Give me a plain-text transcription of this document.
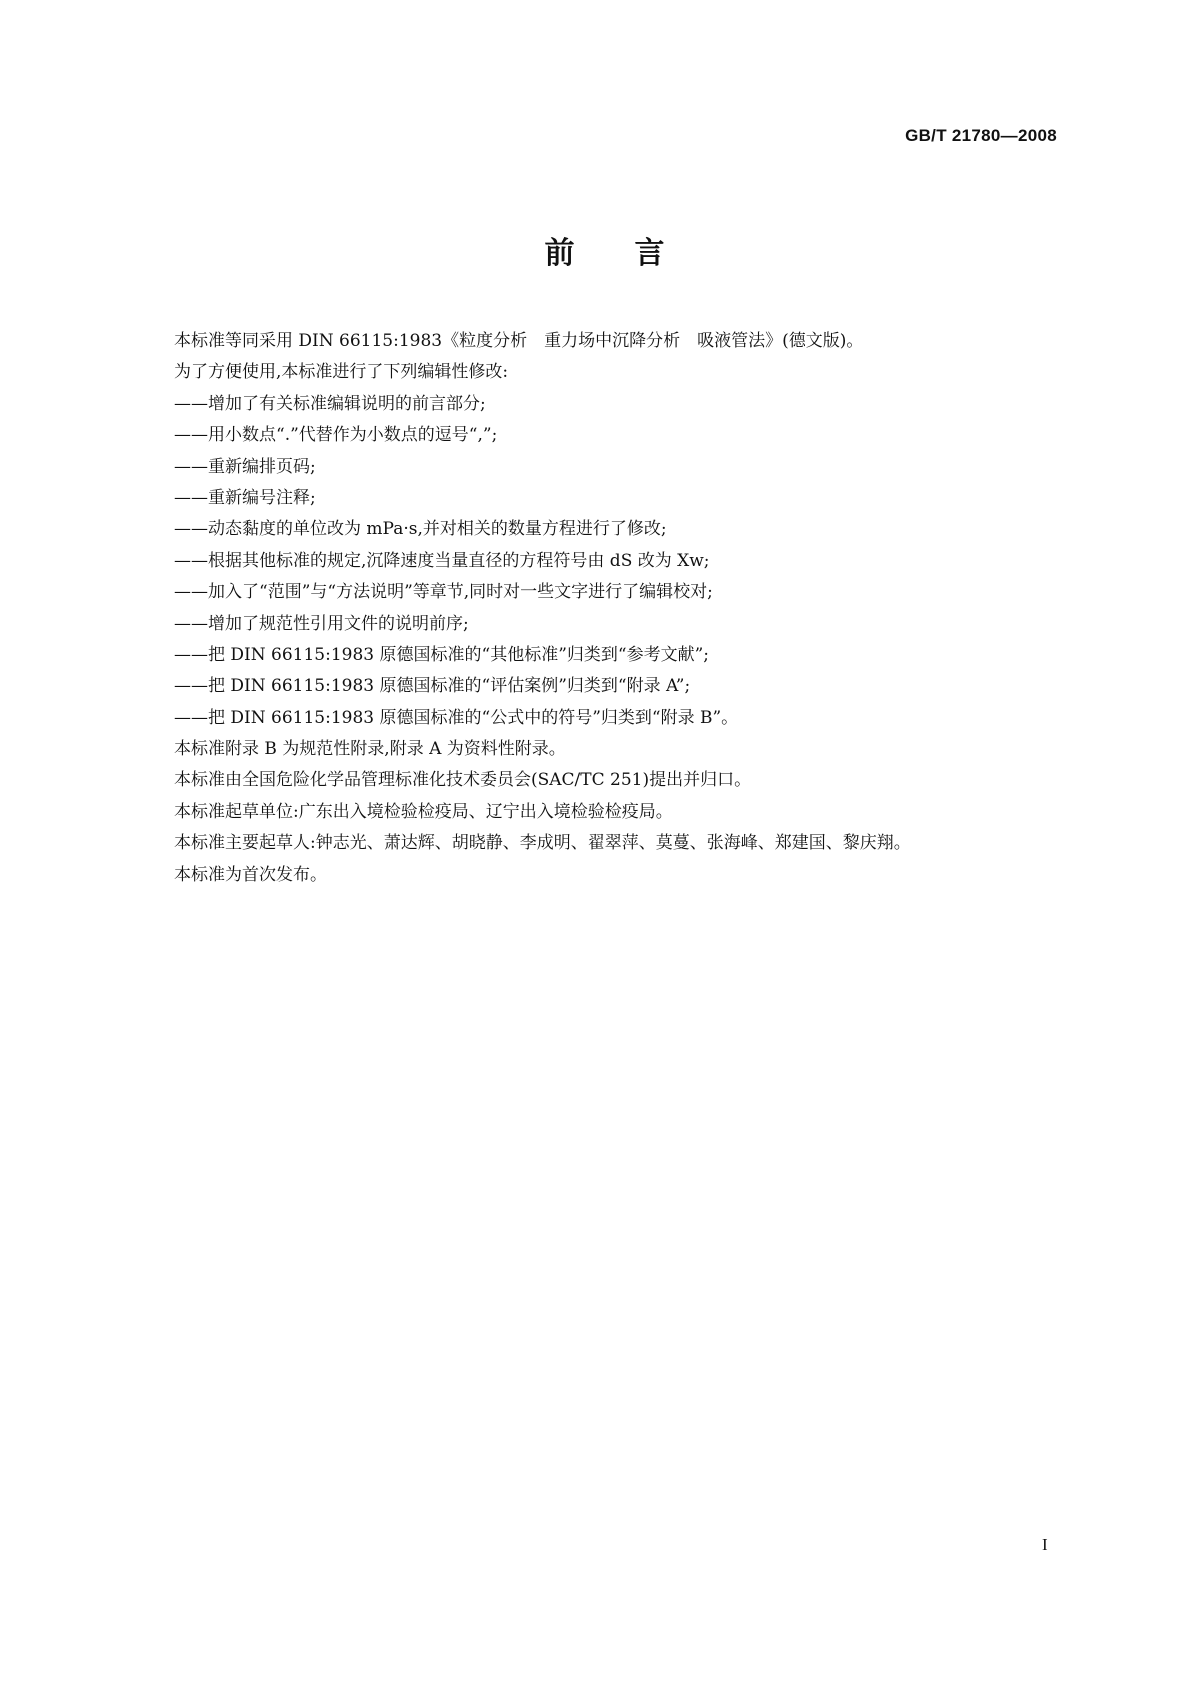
GB/T 21780—2008
前　　言
本标准等同采用 DIN 66115:1983《粒度分析　重力场中沉降分析　吸液管法》(德文版)。
为了方便使用,本标准进行了下列编辑性修改:
——增加了有关标准编辑说明的前言部分;
——用小数点“.”代替作为小数点的逗号“,”;
——重新编排页码;
——重新编号注释;
——动态黏度的单位改为 mPa·s,并对相关的数量方程进行了修改;
——根据其他标准的规定,沉降速度当量直径的方程符号由 dS 改为 Xw;
——加入了“范围”与“方法说明”等章节,同时对一些文字进行了编辑校对;
——增加了规范性引用文件的说明前序;
——把 DIN 66115:1983 原德国标准的“其他标准”归类到“参考文献”;
——把 DIN 66115:1983 原德国标准的“评估案例”归类到“附录 A”;
——把 DIN 66115:1983 原德国标准的“公式中的符号”归类到“附录 B”。
本标准附录 B 为规范性附录,附录 A 为资料性附录。
本标准由全国危险化学品管理标准化技术委员会(SAC/TC 251)提出并归口。
本标准起草单位:广东出入境检验检疫局、辽宁出入境检验检疫局。
本标准主要起草人:钟志光、萧达辉、胡晓静、李成明、翟翠萍、莫蔓、张海峰、郑建国、黎庆翔。
本标准为首次发布。
I
